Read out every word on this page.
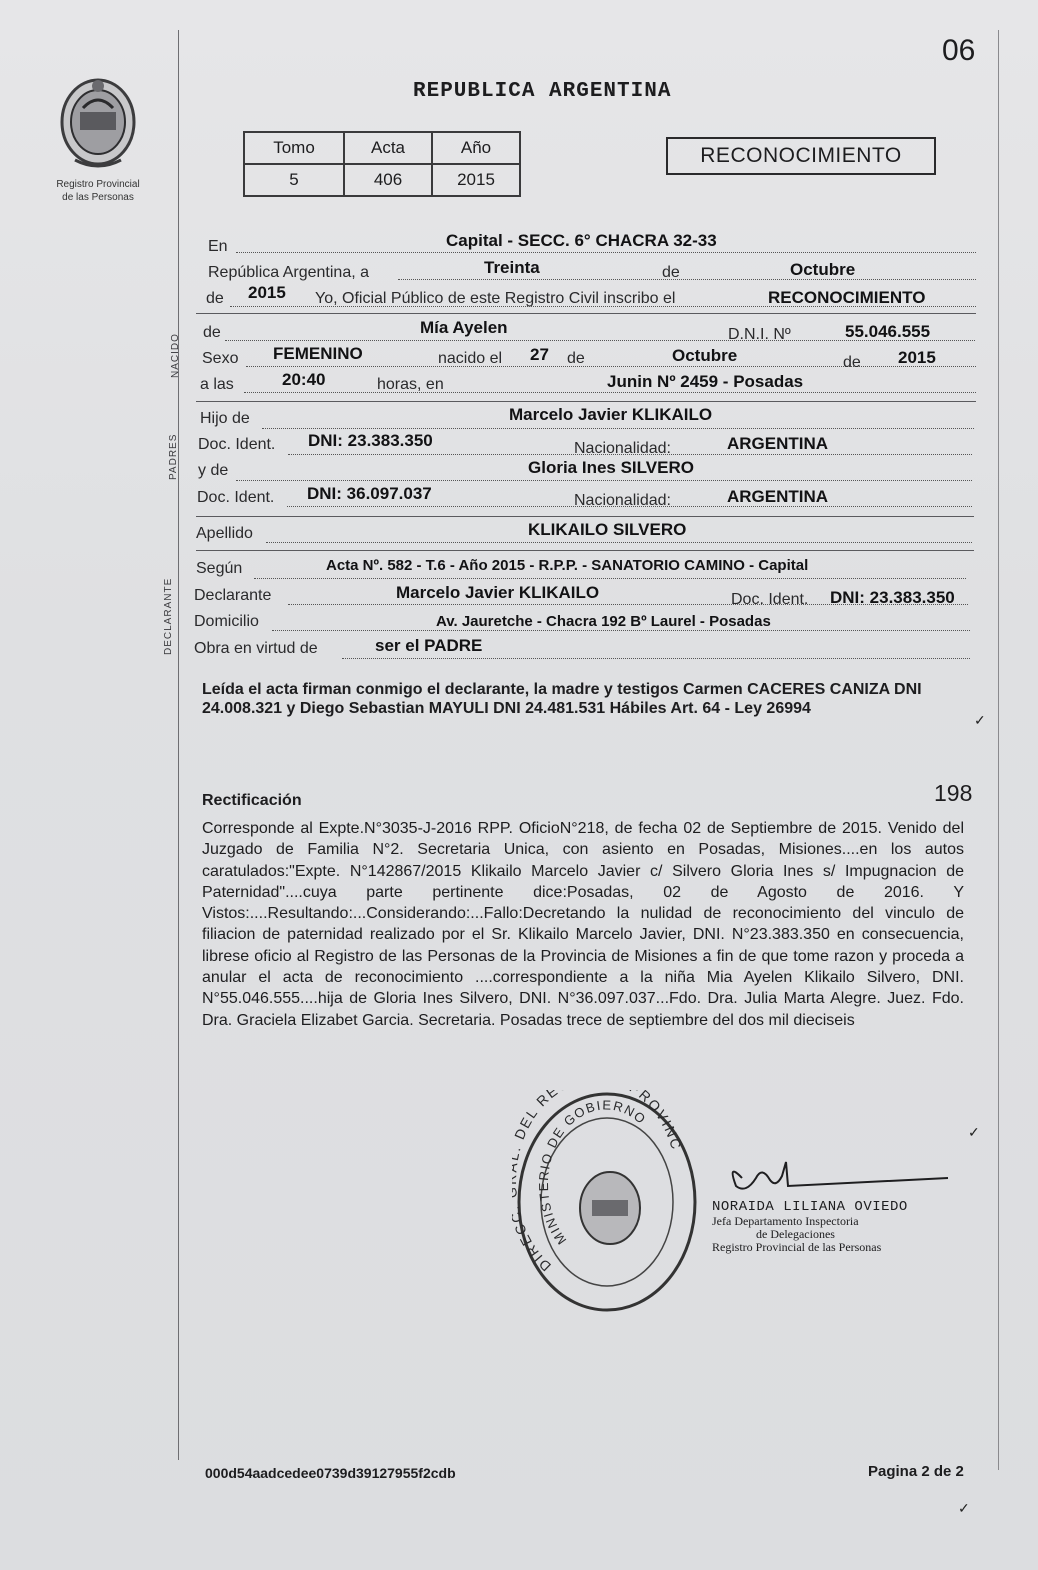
06
REPUBLICA ARGENTINA
Registro Provincial
de las Personas
Tomo	Acta	Año
5	406	2015
RECONOCIMIENTO
NACIDO
PADRES
DECLARANTE
En	Capital - SECC. 6° CHACRA 32-33
República Argentina, a	Treinta	de	Octubre
de 2015 Yo, Oficial Público de este Registro Civil inscribo el	RECONOCIMIENTO
de	Mía Ayelen	D.N.I. Nº	55.046.555
Sexo FEMENINO	nacido el 27 de	Octubre	de 2015
a las	20:40	horas, en	Junin Nº 2459 - Posadas
Hijo de	Marcelo Javier KLIKAILO
Doc. Ident. DNI: 23.383.350	Nacionalidad:	ARGENTINA
y de	Gloria Ines SILVERO
Doc. Ident. DNI: 36.097.037	Nacionalidad:	ARGENTINA
Apellido	KLIKAILO SILVERO
Según	Acta Nº. 582 - T.6 - Año 2015 - R.P.P. - SANATORIO CAMINO - Capital
Declarante	Marcelo Javier KLIKAILO	Doc. Ident. DNI: 23.383.350
Domicilio	Av. Jauretche - Chacra 192 Bº Laurel - Posadas
Obra en virtud de	ser el PADRE
Leída el acta firman conmigo el declarante, la madre y testigos Carmen CACERES CANIZA DNI 24.008.321 y Diego Sebastian MAYULI DNI 24.481.531 Hábiles Art. 64 - Ley 26994
✓
Rectificación	198
Corresponde al Expte.N°3035-J-2016 RPP. OficioN°218, de fecha 02 de Septiembre de 2015. Venido del Juzgado de Familia N°2. Secretaria Unica, con asiento en Posadas, Misiones....en los autos caratulados:"Expte. N°142867/2015 Klikailo Marcelo Javier c/ Silvero Gloria Ines s/ Impugnacion de Paternidad"....cuya parte pertinente dice:Posadas, 02 de Agosto de 2016. Y Vistos:....Resultando:...Considerando:...Fallo:Decretando la nulidad de reconocimiento del vinculo de filiacion de paternidad realizado por el Sr. Klikailo Marcelo Javier, DNI. N°23.383.350 en consecuencia, librese oficio al Registro de las Personas de la Provincia de Misiones a fin de que tome razon y proceda a anular el acta de reconocimiento ....correspondiente a la niña Mia Ayelen Klikailo Silvero, DNI. N°55.046.555....hija de Gloria Ines Silvero, DNI. N°36.097.037...Fdo. Dra. Julia Marta Alegre. Juez. Fdo. Dra. Graciela Elizabet Garcia. Secretaria. Posadas trece de septiembre del dos mil dieciseis
✓
DIREC DEL RE ROVINC
MINISTERIO DE GOBIERNO
NORAIDA LILIANA OVIEDO
Jefa Departamento Inspectoria
de Delegaciones
Registro Provincial de las Personas
000d54aadcedee0739d39127955f2cdb	Pagina 2 de 2
✓
